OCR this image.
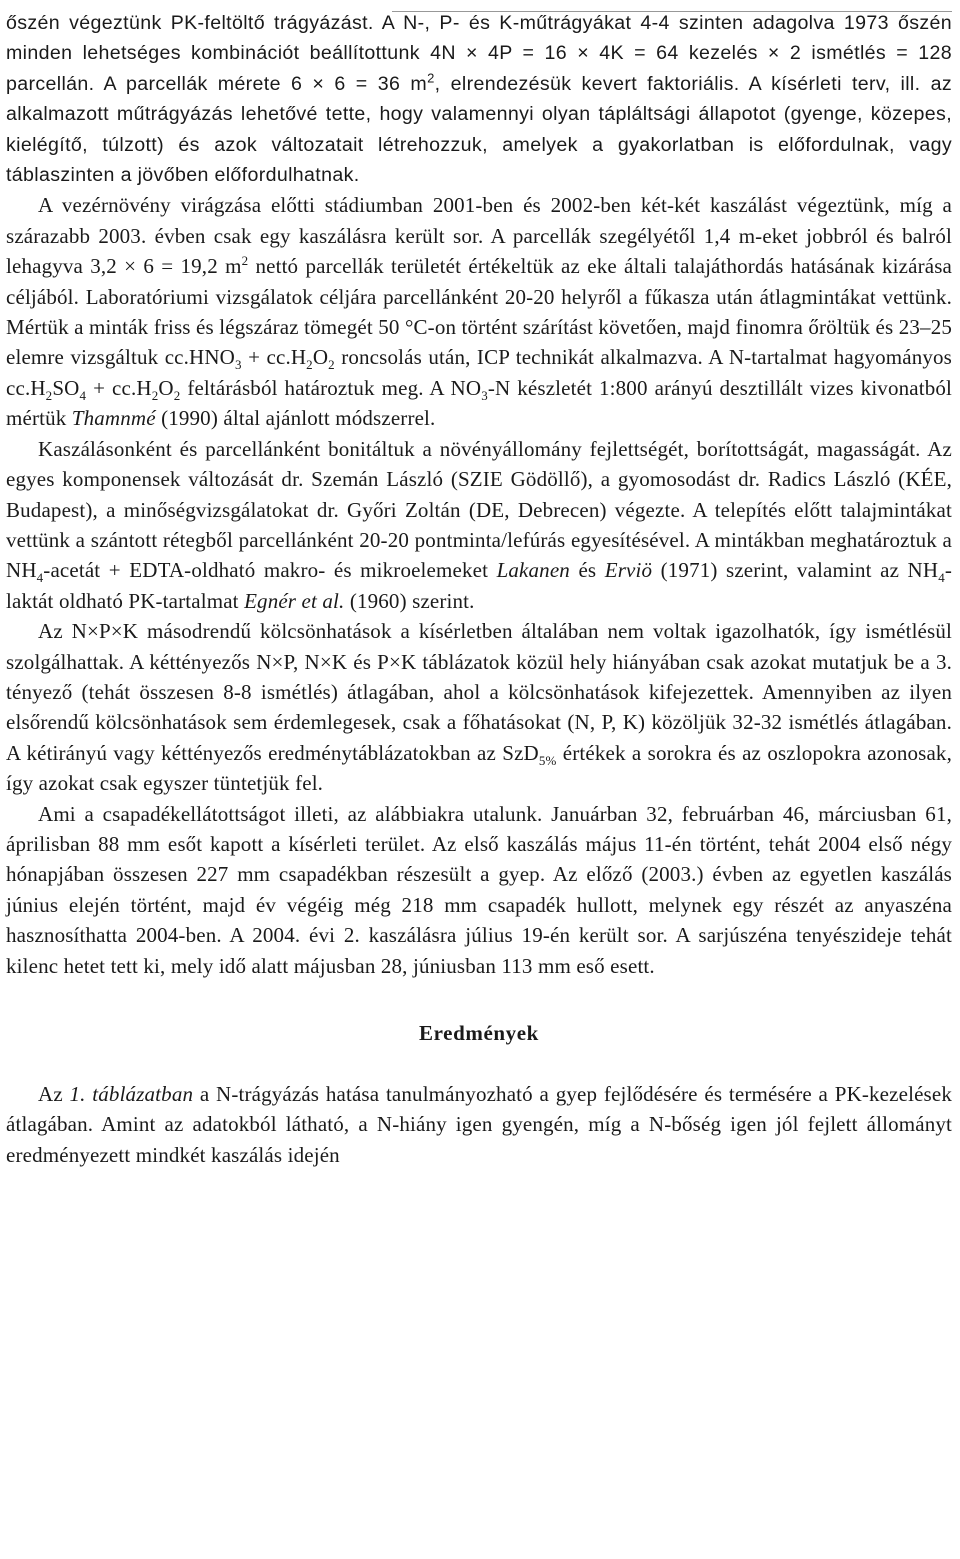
őszén végeztünk PK-feltöltő trágyázást. A N-, P- és K-műtrágyákat 4-4 szinten adagolva 1973 őszén minden lehetséges kombinációt beállítottunk 4N × 4P = 16 × 4K = 64 kezelés × 2 ismétlés = 128 parcellán. A parcellák mérete 6 × 6 = 36 $m^2$, elrendezésük kevert faktoriális. A kísérleti terv, ill. az alkalmazott műtrágyázás lehetővé tette, hogy valamennyi olyan tápláltsági állapotot (gyenge, közepes, kielégítő, túlzott) és azok változatait létrehozzuk, amelyek a gyakorlatban is előfordulnak, vagy táblaszinten a jövőben előfordulhatnak.

A vezérnövény virágzása előtti stádiumban 2001-ben és 2002-ben két-két kaszálást végeztünk, míg a szárazabb 2003. évben csak egy kaszálásra került sor. A parcellák szegélyétől 1,4 m-eket jobbról és balról lehagyva 3,2 × 6 = 19,2 $m^2$ nettó parcellák területét értékeltük az eke általi talajáthordás hatásának kizárása céljából. Laboratóriumi vizsgálatok céljára parcellánként 20-20 helyről a fűkasza után átlagmintákat vettünk. Mértük a minták friss és légszáraz tömegét 50 °C-on történt szárítást követően, majd finomra őröltük és 23–25 elemre vizsgáltuk $cc.HNO_3 + cc.H_2O_2$ roncsolás után, ICP technikát alkalmazva. A N-tartalmat hagyományos $cc.H_2SO_4 + cc.H_2O_2$ feltárásból határoztuk meg. A $NO_3-N$ készletét 1:800 arányú desztillált vizes kivonatból mértük Thamnmé (1990) által ajánlott módszerrel.

Kaszálásonként és parcellánként bonitáltuk a növényállomány fejlettségét, borítottságát, magasságát. Az egyes komponensek változását dr. Szemán László (SZIE Gödöllő), a gyomosodást dr. Radics László (KÉE, Budapest), a minőségvizsgálatokat dr. Győri Zoltán (DE, Debrecen) végezte. A telepítés előtt talajmintákat vettünk a szántott rétegből parcellánként 20-20 pontminta/lefúrás egyesítésével. A mintákban meghatároztuk a $NH_4$-acetát + EDTA-oldható makro- és mikroelemeket Lakanen és Erviö (1971) szerint, valamint az $NH_4$-laktát oldható PK-tartalmat Egnér et al. (1960) szerint.

Az N×P×K másodrendű kölcsönhatások a kísérletben általában nem voltak igazolhatók, így ismétlésül szolgálhattak. A kéttényezős N×P, N×K és P×K táblázatok közül hely hiányában csak azokat mutatjuk be a 3. tényező (tehát összesen 8-8 ismétlés) átlagában, ahol a kölcsönhatások kifejezettek. Amennyiben az ilyen elsőrendű kölcsönhatások sem érdemlegesek, csak a főhatásokat (N, P, K) közöljük 32-32 ismétlés átlagában. A kétirányú vagy kéttényezős eredménytáblázatokban az SzD$_{5\%}$ értékek a sorokra és az oszlopokra azonosak, így azokat csak egyszer tüntetjük fel.

Ami a csapadékellátottságot illeti, az alábbiakra utalunk. Januárban 32, februárban 46, márciusban 61, áprilisban 88 mm esőt kapott a kísérleti terület. Az első kaszálás május 11-én történt, tehát 2004 első négy hónapjában összesen 227 mm csapadékban részesült a gyep. Az előző (2003.) évben az egyetlen kaszálás június elején történt, majd év végéig még 218 mm csapadék hullott, melynek egy részét az anyaszéna hasznosíthatta 2004-ben. A 2004. évi 2. kaszálásra július 19-én került sor. A sarjúszéna tenyészideje tehát kilenc hetet tett ki, mely idő alatt májusban 28, júniusban 113 mm eső esett.

Eredmények

Az 1. táblázatban a N-trágyázás hatása tanulmányozható a gyep fejlődésére és termésére a PK-kezelések átlagában. Amint az adatokból látható, a N-hiány igen gyengén, míg a N-bőség igen jól fejlett állományt eredményezett mindkét kaszálás idején
